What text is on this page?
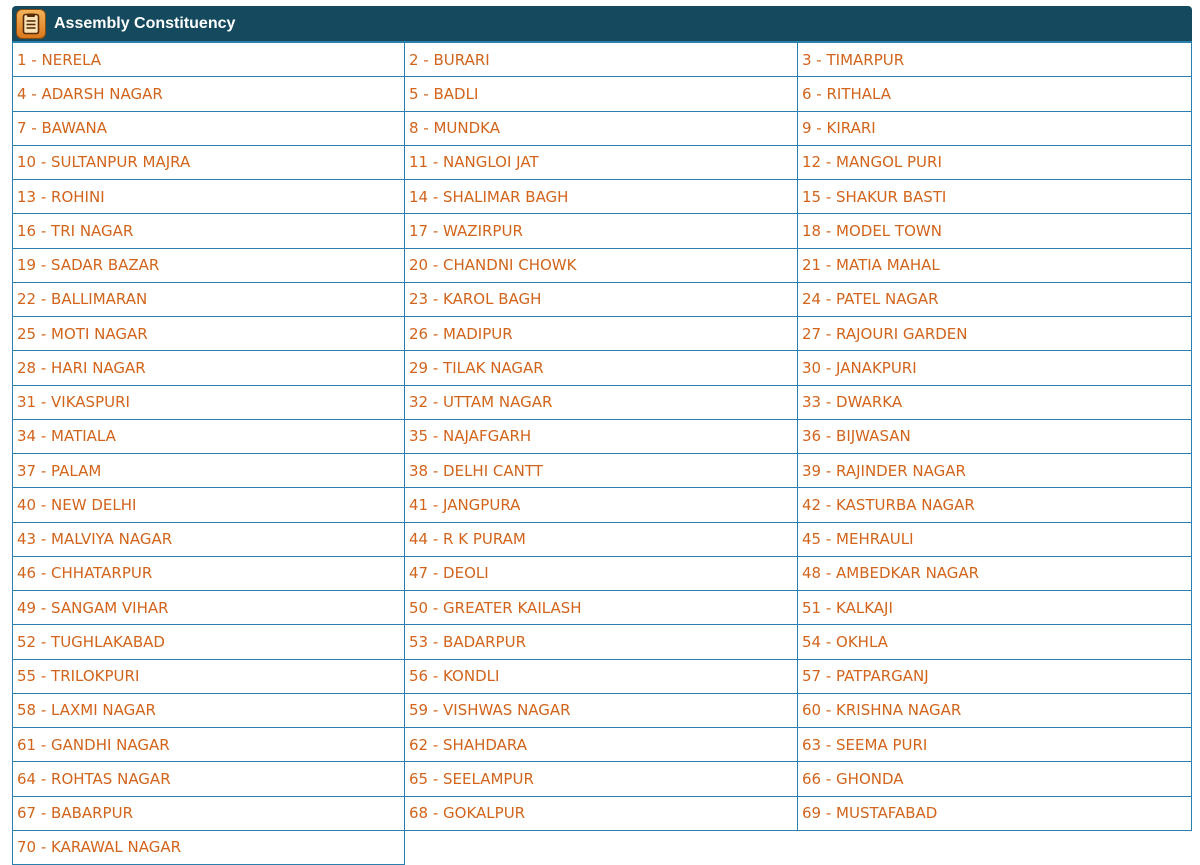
Assembly Constituency
1 - NERELA	2 - BURARI	3 - TIMARPUR
4 - ADARSH NAGAR	5 - BADLI	6 - RITHALA
7 - BAWANA	8 - MUNDKA	9 - KIRARI
10 - SULTANPUR MAJRA	11 - NANGLOI JAT	12 - MANGOL PURI
13 - ROHINI	14 - SHALIMAR BAGH	15 - SHAKUR BASTI
16 - TRI NAGAR	17 - WAZIRPUR	18 - MODEL TOWN
19 - SADAR BAZAR	20 - CHANDNI CHOWK	21 - MATIA MAHAL
22 - BALLIMARAN	23 - KAROL BAGH	24 - PATEL NAGAR
25 - MOTI NAGAR	26 - MADIPUR	27 - RAJOURI GARDEN
28 - HARI NAGAR	29 - TILAK NAGAR	30 - JANAKPURI
31 - VIKASPURI	32 - UTTAM NAGAR	33 - DWARKA
34 - MATIALA	35 - NAJAFGARH	36 - BIJWASAN
37 - PALAM	38 - DELHI CANTT	39 - RAJINDER NAGAR
40 - NEW DELHI	41 - JANGPURA	42 - KASTURBA NAGAR
43 - MALVIYA NAGAR	44 - R K PURAM	45 - MEHRAULI
46 - CHHATARPUR	47 - DEOLI	48 - AMBEDKAR NAGAR
49 - SANGAM VIHAR	50 - GREATER KAILASH	51 - KALKAJI
52 - TUGHLAKABAD	53 - BADARPUR	54 - OKHLA
55 - TRILOKPURI	56 - KONDLI	57 - PATPARGANJ
58 - LAXMI NAGAR	59 - VISHWAS NAGAR	60 - KRISHNA NAGAR
61 - GANDHI NAGAR	62 - SHAHDARA	63 - SEEMA PURI
64 - ROHTAS NAGAR	65 - SEELAMPUR	66 - GHONDA
67 - BABARPUR	68 - GOKALPUR	69 - MUSTAFABAD
70 - KARAWAL NAGAR
